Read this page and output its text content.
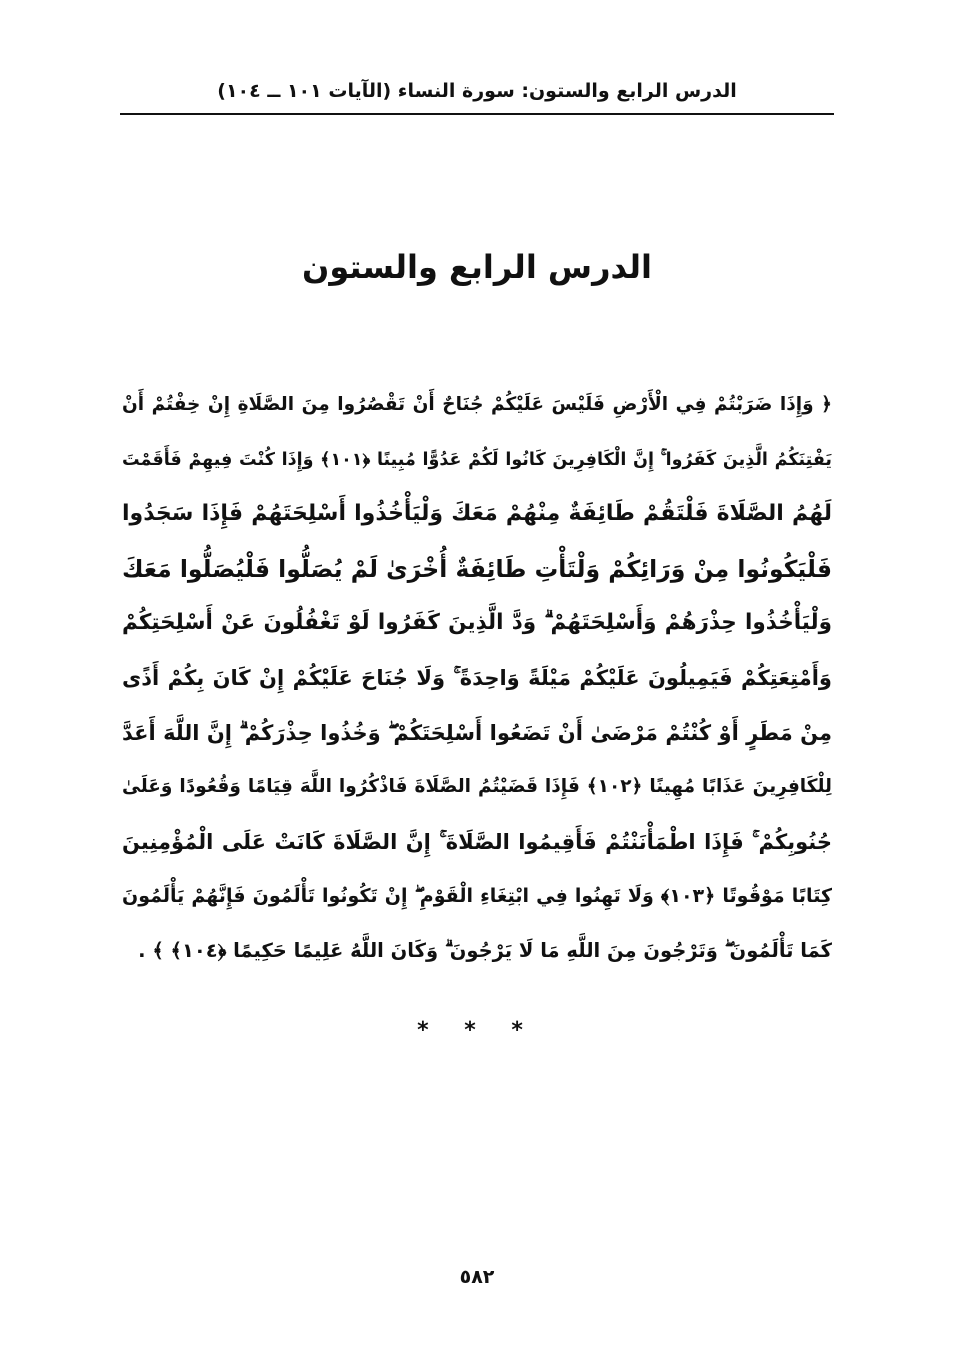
الدرس الرابع والستون: سورة النساء (الآيات ١٠١ ــ ١٠٤)
الدرس الرابع والستون
﴿ وَإِذَا ضَرَبْتُمْ فِي الْأَرْضِ فَلَيْسَ عَلَيْكُمْ جُنَاحٌ أَنْ تَقْصُرُوا مِنَ الصَّلَاةِ إِنْ خِفْتُمْ أَنْ
يَفْتِنَكُمُ الَّذِينَ كَفَرُوا ۚ إِنَّ الْكَافِرِينَ كَانُوا لَكُمْ عَدُوًّا مُبِينًا ﴿١٠١﴾ وَإِذَا كُنْتَ فِيهِمْ فَأَقَمْتَ
لَهُمُ الصَّلَاةَ فَلْتَقُمْ طَائِفَةٌ مِنْهُمْ مَعَكَ وَلْيَأْخُذُوا أَسْلِحَتَهُمْ فَإِذَا سَجَدُوا
فَلْيَكُونُوا مِنْ وَرَائِكُمْ وَلْتَأْتِ طَائِفَةٌ أُخْرَىٰ لَمْ يُصَلُّوا فَلْيُصَلُّوا مَعَكَ
وَلْيَأْخُذُوا حِذْرَهُمْ وَأَسْلِحَتَهُمْ ۗ وَدَّ الَّذِينَ كَفَرُوا لَوْ تَغْفُلُونَ عَنْ أَسْلِحَتِكُمْ
وَأَمْتِعَتِكُمْ فَيَمِيلُونَ عَلَيْكُمْ مَيْلَةً وَاحِدَةً ۚ وَلَا جُنَاحَ عَلَيْكُمْ إِنْ كَانَ بِكُمْ أَذًى
مِنْ مَطَرٍ أَوْ كُنْتُمْ مَرْضَىٰ أَنْ تَضَعُوا أَسْلِحَتَكُمْ ۖ وَخُذُوا حِذْرَكُمْ ۗ إِنَّ اللَّهَ أَعَدَّ
لِلْكَافِرِينَ عَذَابًا مُهِينًا ﴿١٠٢﴾ فَإِذَا قَضَيْتُمُ الصَّلَاةَ فَاذْكُرُوا اللَّهَ قِيَامًا وَقُعُودًا وَعَلَىٰ
جُنُوبِكُمْ ۚ فَإِذَا اطْمَأْنَنْتُمْ فَأَقِيمُوا الصَّلَاةَ ۚ إِنَّ الصَّلَاةَ كَانَتْ عَلَى الْمُؤْمِنِينَ
كِتَابًا مَوْقُوتًا ﴿١٠٣﴾ وَلَا تَهِنُوا فِي ابْتِغَاءِ الْقَوْمِ ۖ إِنْ تَكُونُوا تَأْلَمُونَ فَإِنَّهُمْ يَأْلَمُونَ
كَمَا تَأْلَمُونَ ۖ وَتَرْجُونَ مِنَ اللَّهِ مَا لَا يَرْجُونَ ۗ وَكَانَ اللَّهُ عَلِيمًا حَكِيمًا ﴿١٠٤﴾ ﴾ .
* * *
٥٨٢
